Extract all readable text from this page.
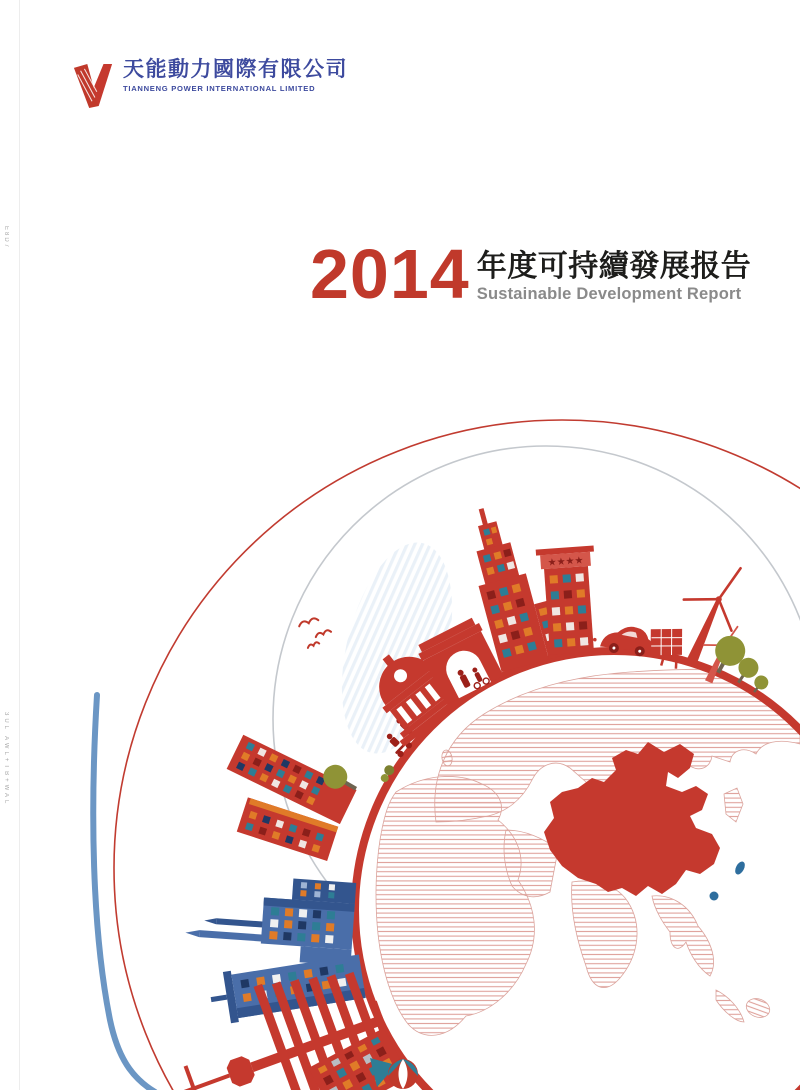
天能動力國際有限公司
TIANNENG POWER INTERNATIONAL LIMITED
2014 年度可持續發展报告
Sustainable Development Report
E8D7
3UL AWL+TB+WAL
★★★★
